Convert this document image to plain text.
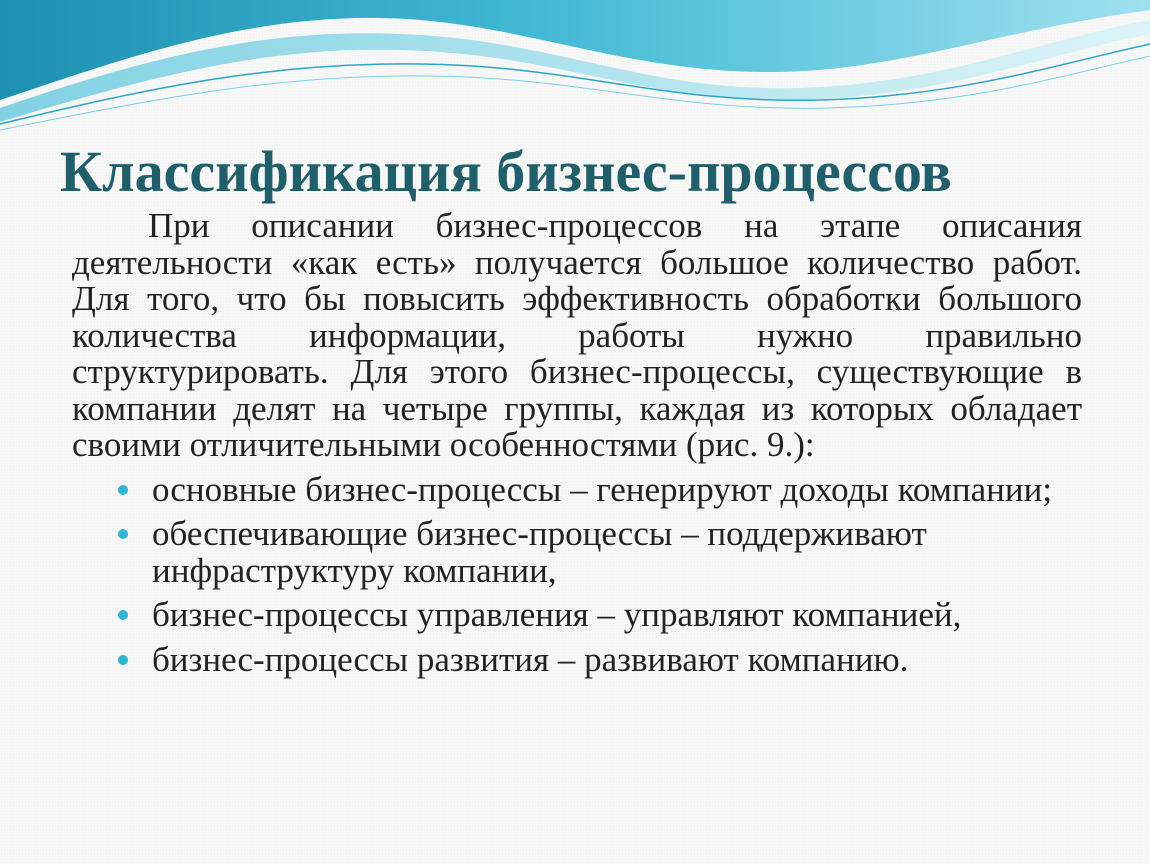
Классификация бизнес-процессов

При описании бизнес-процессов на этапе описания деятельности «как есть» получается большое количество работ. Для того, что бы повысить эффективность обработки большого количества информации, работы нужно правильно структурировать. Для этого бизнес-процессы, существующие в компании делят на четыре группы, каждая из которых обладает своими отличительными особенностями (рис. 9.):

основные бизнес-процессы – генерируют доходы компании;
обеспечивающие бизнес-процессы – поддерживают инфраструктуру компании,
бизнес-процессы управления – управляют компанией,
бизнес-процессы развития – развивают компанию.
